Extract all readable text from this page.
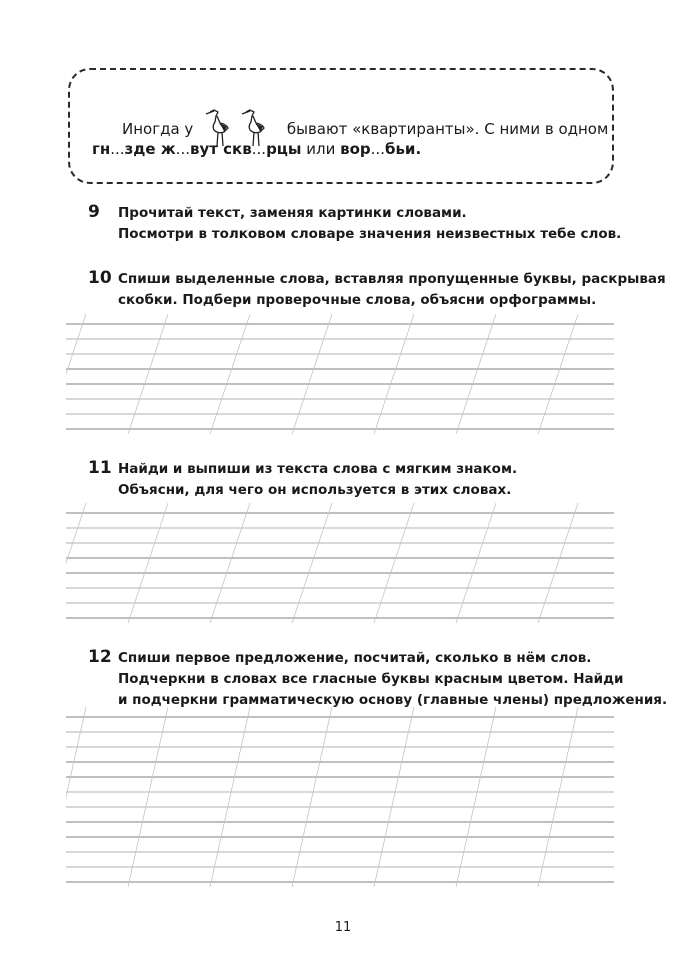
Иногда у	бывают «квартиранты». С ними в одном
гн...зде ж...вут скв...рцы или вор...бьи.
9	Прочитай текст, заменяя картинки словами.
Посмотри в толковом словаре значения неизвестных тебе слов.
10 Спиши выделенные слова, вставляя пропущенные буквы, раскрывая
скобки. Подбери проверочные слова, объясни орфограммы.
11 Найди и выпиши из текста слова с мягким знаком.
Объясни, для чего он используется в этих словах.
12 Спиши первое предложение, посчитай, сколько в нём слов.
Подчеркни в словах все гласные буквы красным цветом. Найди
и подчеркни грамматическую основу (главные члены) предложения.
11
